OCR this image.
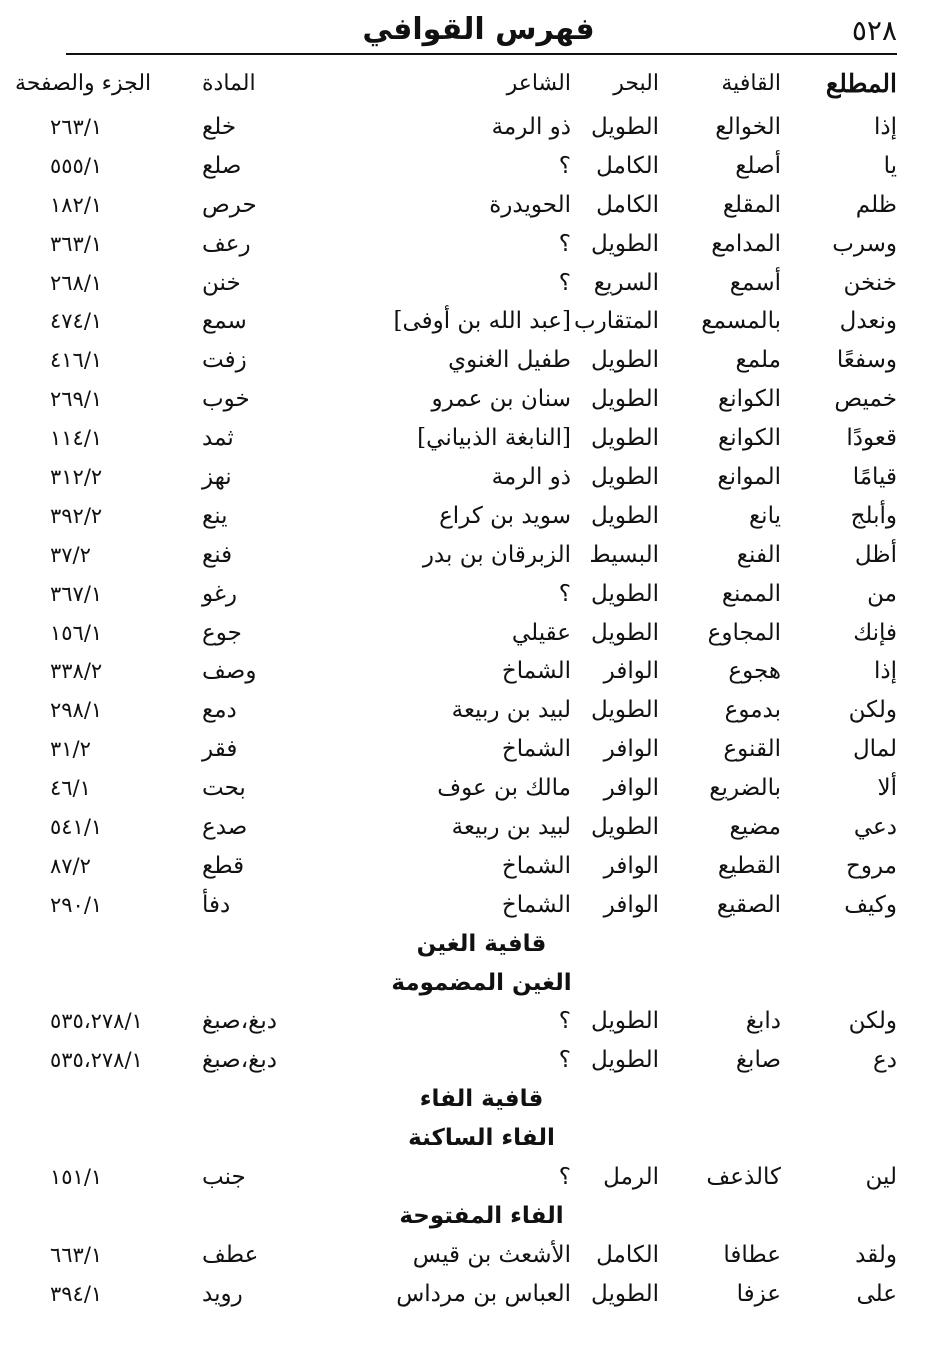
٥٢٨
فهرس القوافي
المطلع
القافية
البحر
الشاعر
المادة
الجزء والصفحة
إذا
الخوالع
الطويل
ذو الرمة
خلع
٢٦٣/١
يا
أصلع
الكامل
؟
صلع
٥٥٥/١
ظلم
المقلع
الكامل
الحويدرة
حرص
١٨٢/١
وسرب
المدامع
الطويل
؟
رعف
٣٦٣/١
خنخن
أسمع
السريع
؟
خنن
٢٦٨/١
ونعدل
بالمسمع
المتقارب
[عبد الله بن أوفى]
سمع
٤٧٤/١
وسفعًا
ملمع
الطويل
طفيل الغنوي
زفت
٤١٦/١
خميص
الكوانع
الطويل
سنان بن عمرو
خوب
٢٦٩/١
قعودًا
الكوانع
الطويل
[النابغة الذبياني]
ثمد
١١٤/١
قيامًا
الموانع
الطويل
ذو الرمة
نهز
٣١٢/٢
وأبلج
يانع
الطويل
سويد بن كراع
ينع
٣٩٢/٢
أظل
الفنع
البسيط
الزبرقان بن بدر
فنع
٣٧/٢
من
الممنع
الطويل
؟
رغو
٣٦٧/١
فإنك
المجاوع
الطويل
عقيلي
جوع
١٥٦/١
إذا
هجوع
الوافر
الشماخ
وصف
٣٣٨/٢
ولكن
بدموع
الطويل
لبيد بن ربيعة
دمع
٢٩٨/١
لمال
القنوع
الوافر
الشماخ
فقر
٣١/٢
ألا
بالضريع
الوافر
مالك بن عوف
بحت
٤٦/١
دعي
مضيع
الطويل
لبيد بن ربيعة
صدع
٥٤١/١
مروح
القطيع
الوافر
الشماخ
قطع
٨٧/٢
وكيف
الصقيع
الوافر
الشماخ
دفأ
٢٩٠/١
قافية الغين
الغين المضمومة
ولكن
دابغ
الطويل
؟
دبغ،صبغ
٥٣٥،٢٧٨/١
دع
صابغ
الطويل
؟
دبغ،صبغ
٥٣٥،٢٧٨/١
قافية الفاء
الفاء الساكنة
لين
كالذعف
الرمل
؟
جنب
١٥١/١
الفاء المفتوحة
ولقد
عطافا
الكامل
الأشعث بن قيس
عطف
٦٦٣/١
على
عزفا
الطويل
العباس بن مرداس
رويد
٣٩٤/١
